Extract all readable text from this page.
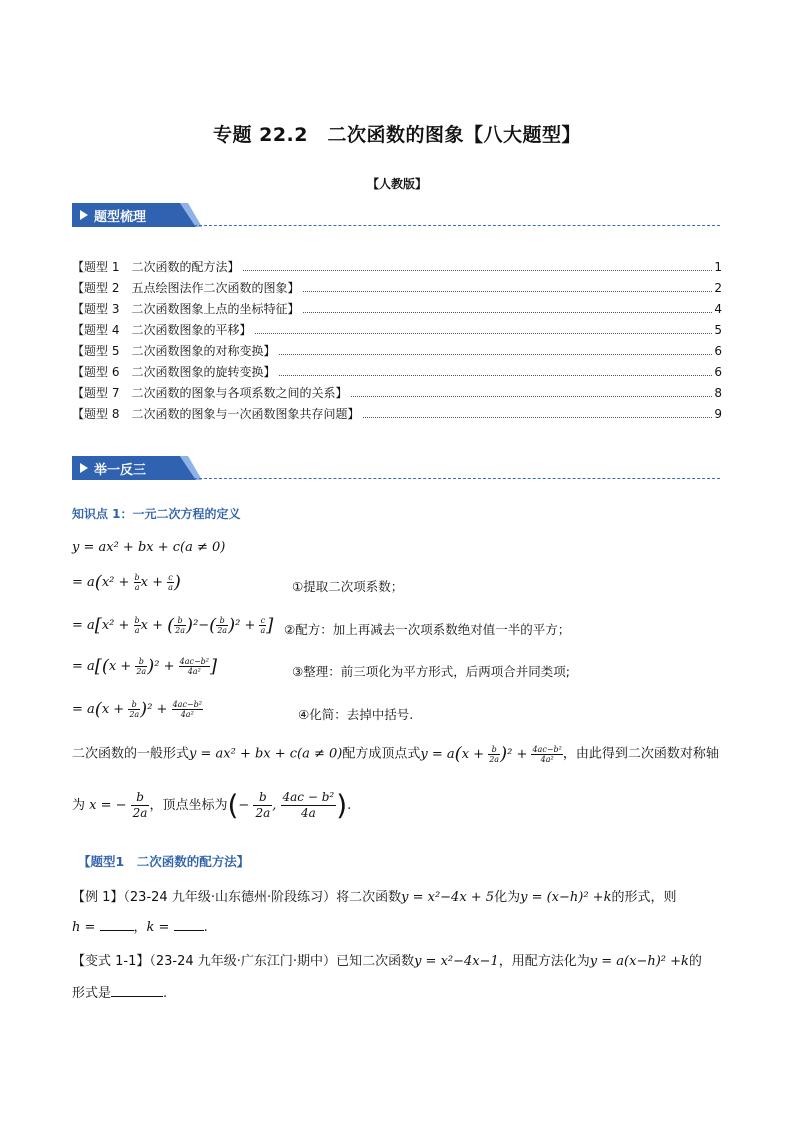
专题 22.2　二次函数的图象【八大题型】
【人教版】
题型梳理
【题型 1　二次函数的配方法】	1
【题型 2　五点绘图法作二次函数的图象】	2
【题型 3　二次函数图象上点的坐标特征】	4
【题型 4　二次函数图象的平移】	5
【题型 5　二次函数图象的对称变换】	6
【题型 6　二次函数图象的旋转变换】	6
【题型 7　二次函数的图象与各项系数之间的关系】	8
【题型 8　二次函数的图象与一次函数图象共存问题】	9
举一反三
知识点 1：一元二次方程的定义
y = ax² + bx + c(a ≠ 0)
= $a(x^2 + \frac{b}{a}$ $x + \frac{c}{a}$ )	①提取二次项系数；
= $a[x^2 + \frac{b}{a}$ x + ( $\frac{b}{2a} )^2-( \frac{b}{2a} )^2 + \frac{c}{a}$ ] ②配方：加上再减去一次项系数绝对值一半的平方；
= $a[(x + \frac{b}{2a} )^2 + \frac{\text{4ac−b²}}{\text{4a²}}$ ]	③整理：前三项化为平方形式，后两项合并同类项;
= $a(x + \frac{b}{2a} )^2 + \frac{\text{4ac−b²}}{\text{4a²}}$	④化简：去掉中括号.
二次函数的一般形式y = ax² + bx + c(a ≠ 0)配方成顶点式$y = a(x + \frac{b}{2a} )^2 + \frac{\text{4ac−b²}}{\text{4a²}}$ ，由此得到二次函数对称轴
为 x = − $\frac{b}{2a}$ ，顶点坐标为(− $\frac{b}{2a}$ , $\frac{\text{4ac − b²}}{4a}$ ).
【题型1　二次函数的配方法】
【例 1】（23-24 九年级·山东德州·阶段练习）将二次函数y = x²−4x + 5化为y = (x−h)² +k的形式，则
h =	，k = .
【变式 1-1】（23-24 九年级·广东江门·期中）已知二次函数y = x²−4x−1，用配方法化为y = a(x−h)² +k的
形式是	.
